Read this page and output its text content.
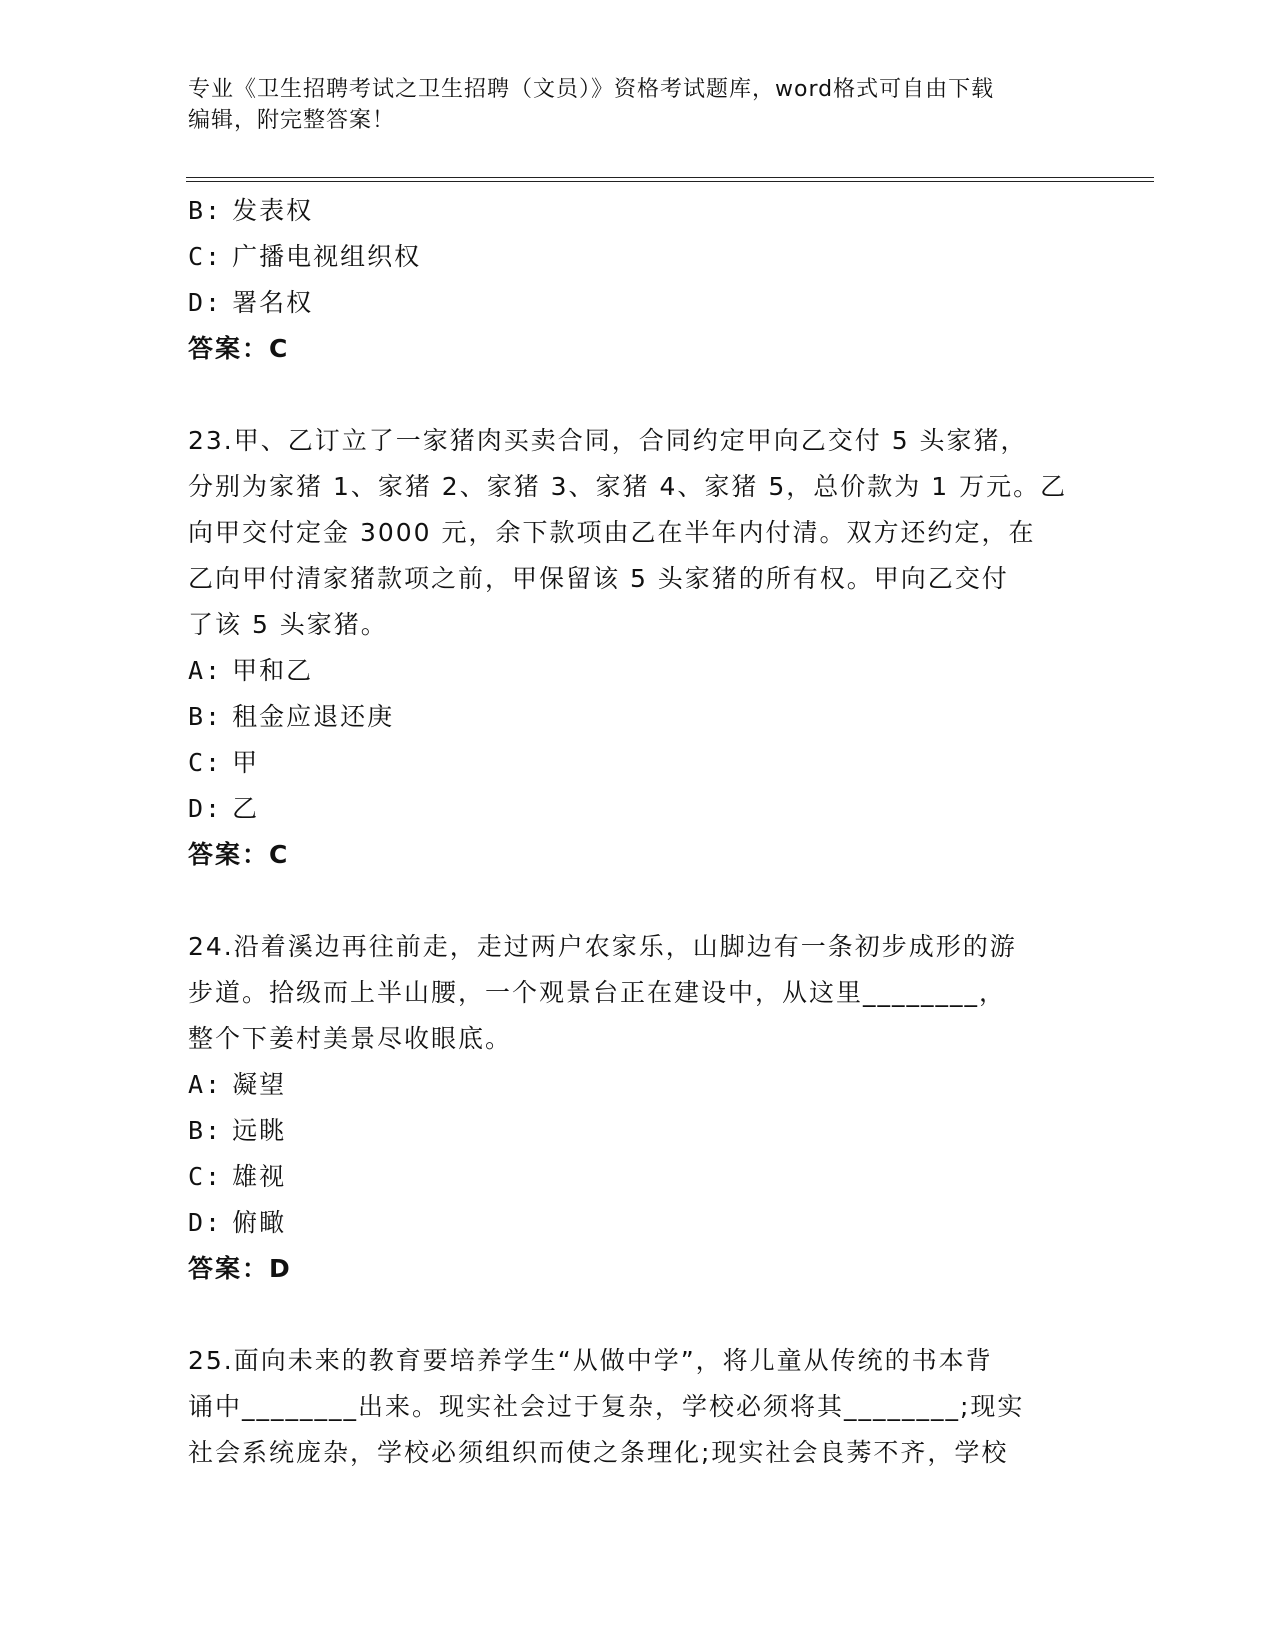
专业《卫生招聘考试之卫生招聘（文员）》资格考试题库，word格式可自由下载
编辑，附完整答案！
B: 发表权
C: 广播电视组织权
D: 署名权
答案：C
23.甲、乙订立了一家猪肉买卖合同，合同约定甲向乙交付 5 头家猪，
分别为家猪 1、家猪 2、家猪 3、家猪 4、家猪 5，总价款为 1 万元。乙
向甲交付定金 3000 元，余下款项由乙在半年内付清。双方还约定，在
乙向甲付清家猪款项之前，甲保留该 5 头家猪的所有权。甲向乙交付
了该 5 头家猪。
A: 甲和乙
B: 租金应退还庚
C: 甲
D: 乙
答案：C
24.沿着溪边再往前走，走过两户农家乐，山脚边有一条初步成形的游
步道。拾级而上半山腰，一个观景台正在建设中，从这里________，
整个下姜村美景尽收眼底。
A: 凝望
B: 远眺
C: 雄视
D: 俯瞰
答案：D
25.面向未来的教育要培养学生“从做中学”，将儿童从传统的书本背
诵中________出来。现实社会过于复杂，学校必须将其________;现实
社会系统庞杂，学校必须组织而使之条理化;现实社会良莠不齐，学校
